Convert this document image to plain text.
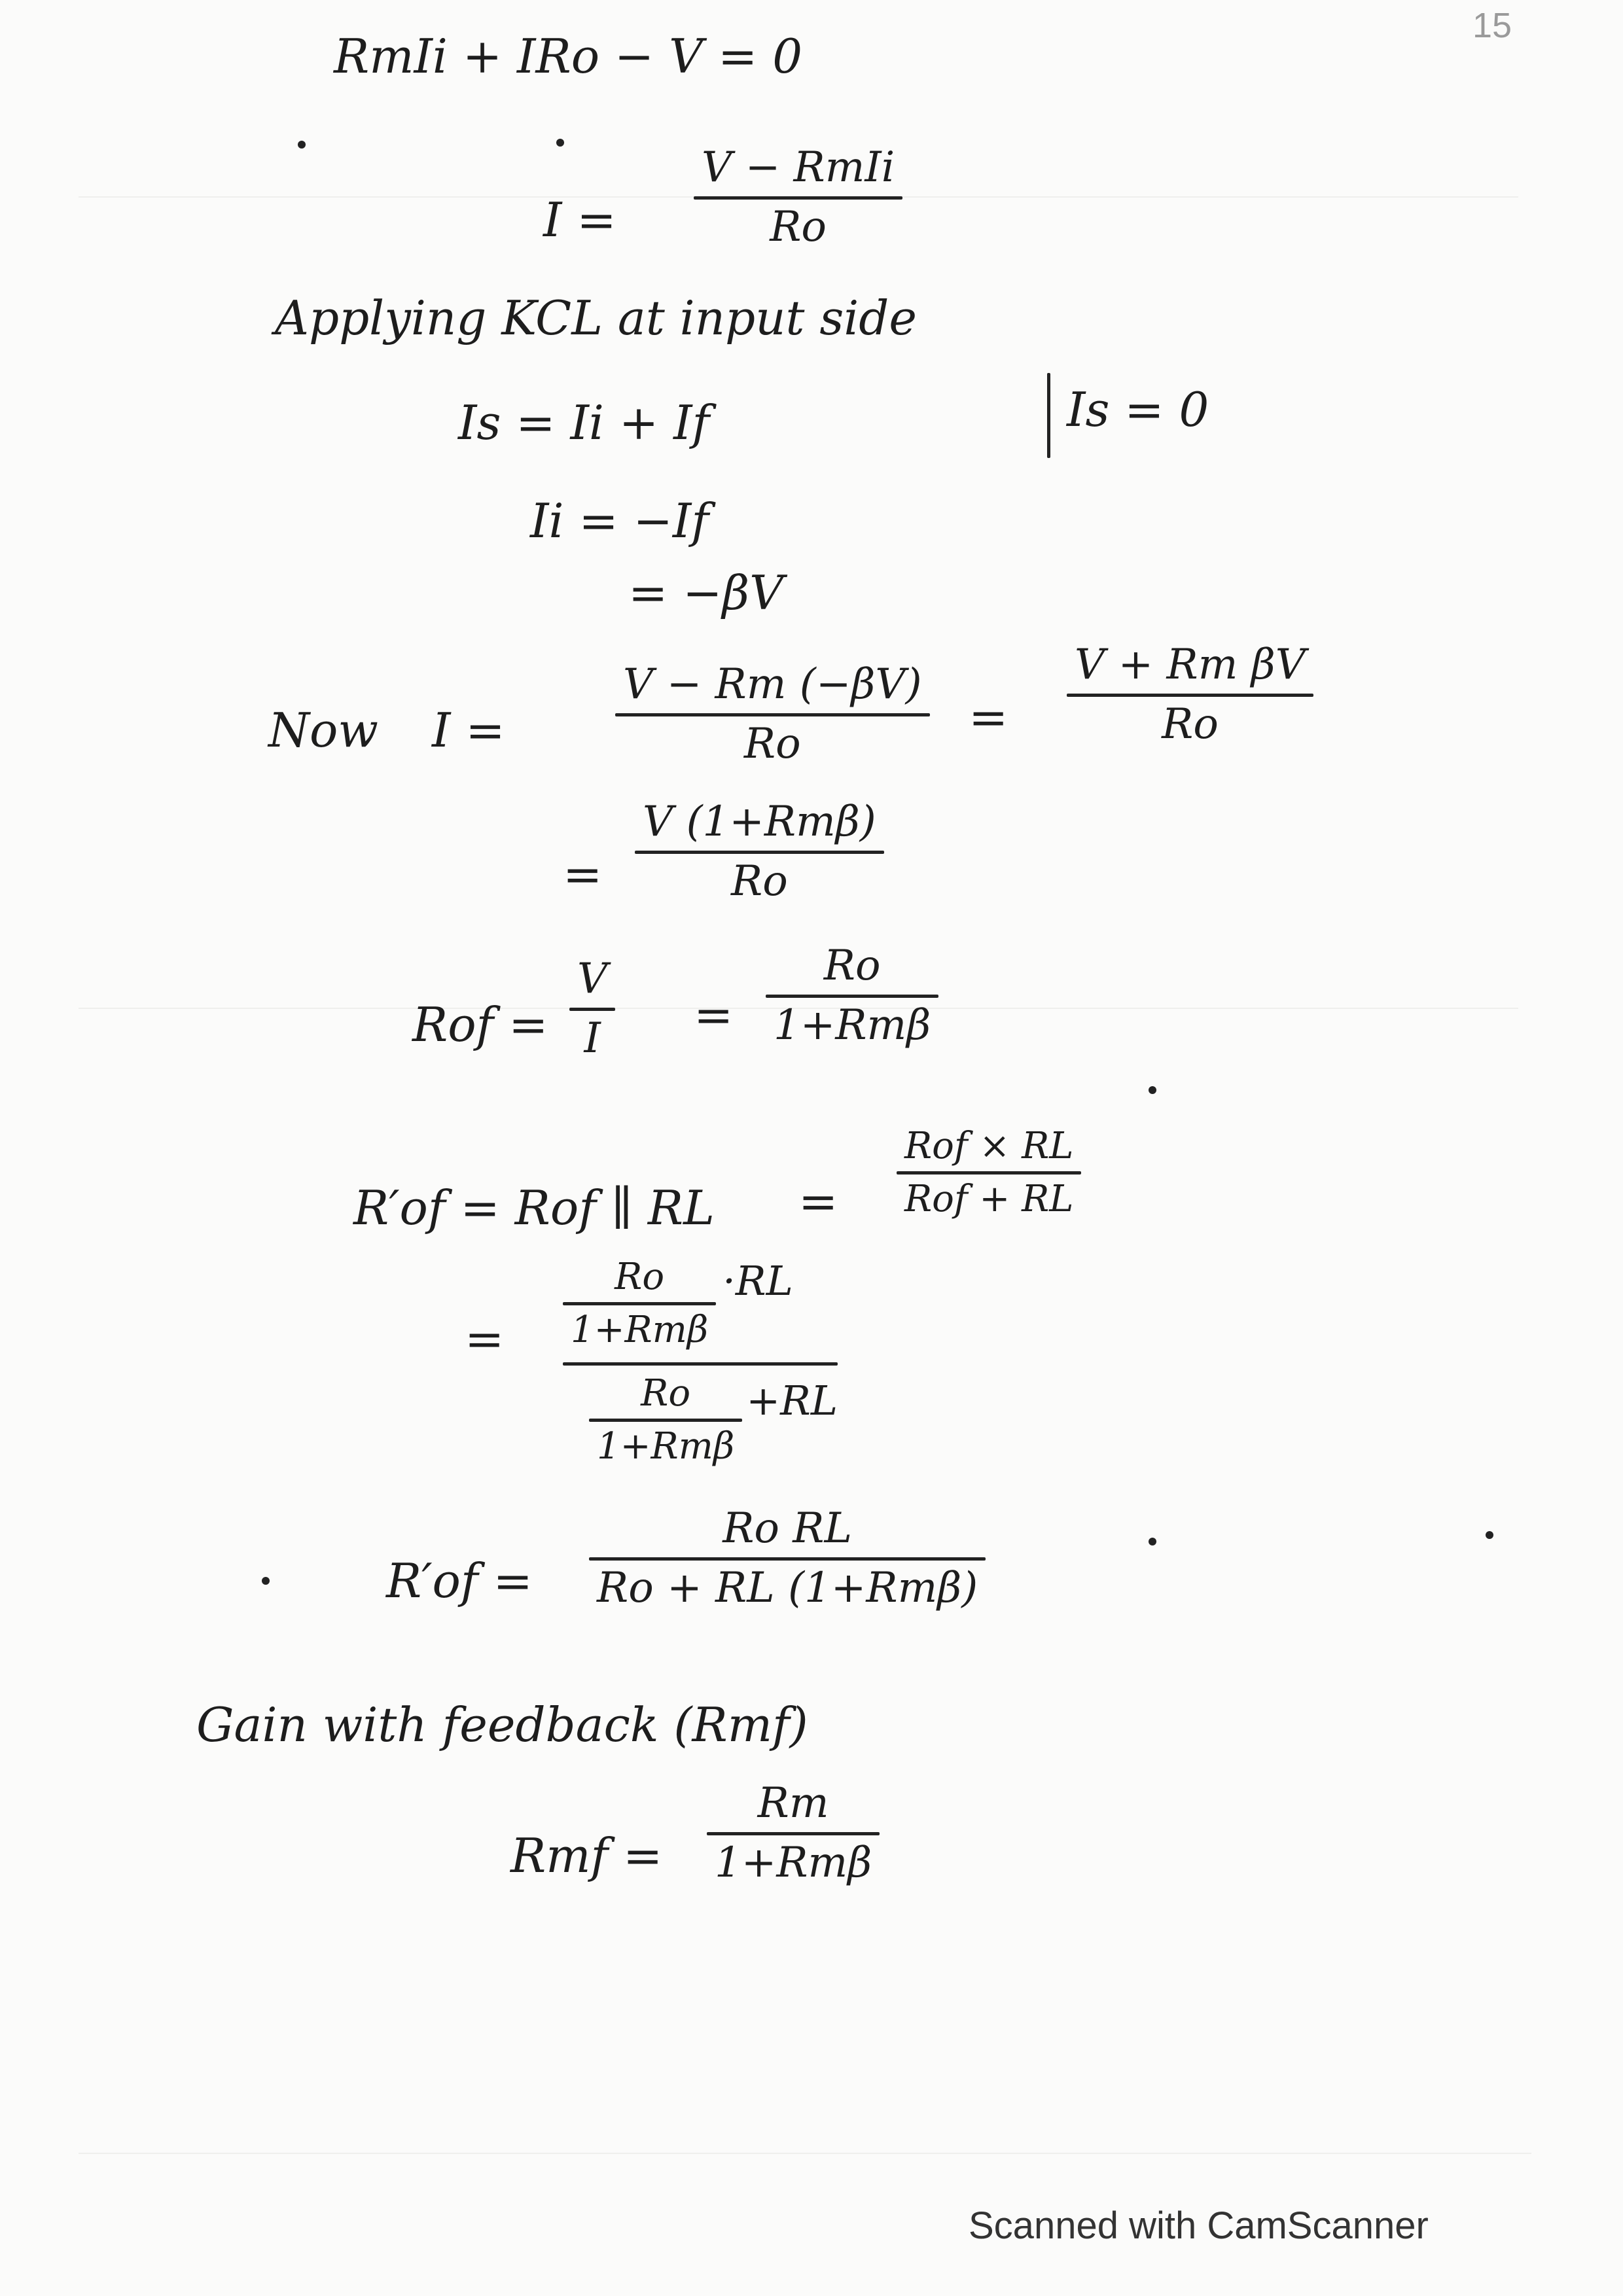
15
RmIi + IRo − V = 0
I =
V − RmIi
Ro
Applying KCL at input side
Is = Ii + If	Is = 0
Ii = −If
= −βV
Now I =
V − Rm (−βV)
Ro	=
V + Rm βV
Ro
=
V (1+Rmβ)
Ro
Rof =
V
I =
Ro
1+Rmβ
R′of = Rof ∥ RL =
Rof × RL
Rof + RL
=
Ro
1+Rmβ
·RL
Ro
1+Rmβ
+RL
R′of =
Ro RL
Ro + RL (1+Rmβ)
Gain with feedback (Rmf)
Rmf =
Rm
1+Rmβ
Scanned with CamScanner
